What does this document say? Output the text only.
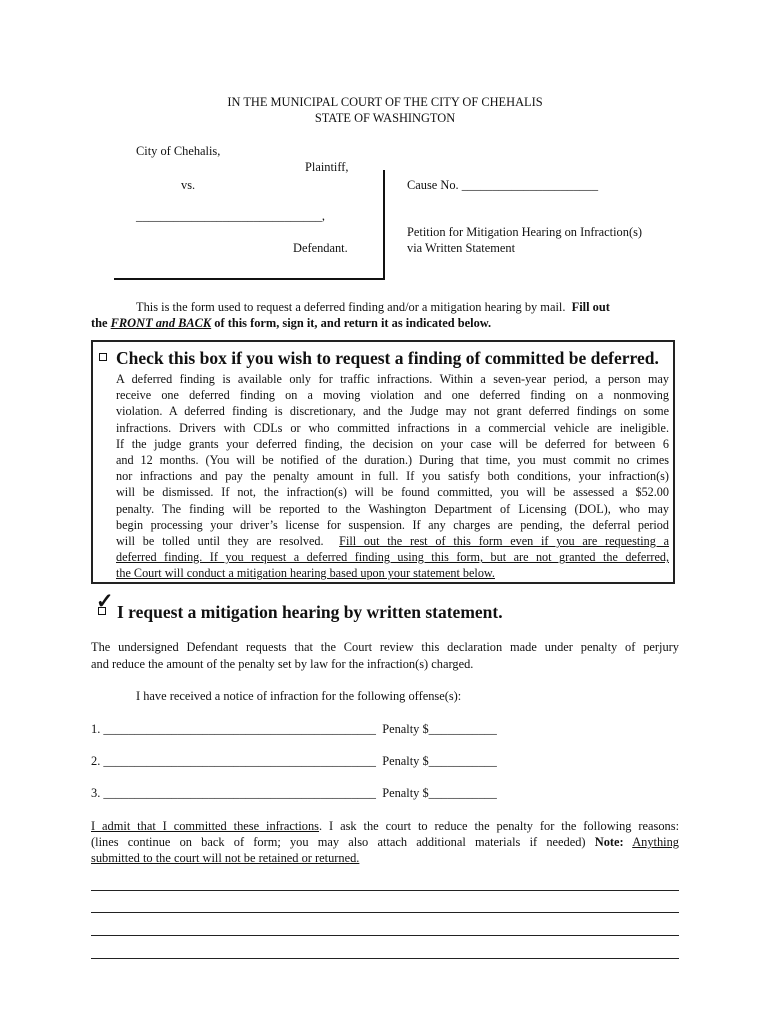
IN THE MUNICIPAL COURT OF THE CITY OF CHEHALIS
STATE OF WASHINGTON
City of Chehalis,
Plaintiff,
vs.
______________________________,
Defendant.
Cause No. ______________________
Petition for Mitigation Hearing on Infraction(s)
via Written Statement
This is the form used to request a deferred finding and/or a mitigation hearing by mail. Fill out
the FRONT and BACK of this form, sign it, and return it as indicated below.
Check this box if you wish to request a finding of committed be deferred.
A deferred finding is available only for traffic infractions. Within a seven-year period, a person may
receive one deferred finding on a moving violation and one deferred finding on a nonmoving
violation. A deferred finding is discretionary, and the Judge may not grant deferred findings on some
infractions. Drivers with CDLs or who committed infractions in a commercial vehicle are ineligible.
If the judge grants your deferred finding, the decision on your case will be deferred for between 6
and 12 months. (You will be notified of the duration.) During that time, you must commit no crimes
nor infractions and pay the penalty amount in full. If you satisfy both conditions, your infraction(s)
will be dismissed. If not, the infraction(s) will be found committed, you will be assessed a $52.00
penalty. The finding will be reported to the Washington Department of Licensing (DOL), who may
begin processing your driver’s license for suspension. If any charges are pending, the deferral period
will be tolled until they are resolved. Fill out the rest of this form even if you are requesting a
deferred finding. If you request a deferred finding using this form, but are not granted the deferred,
the Court will conduct a mitigation hearing based upon your statement below.
✓ I request a mitigation hearing by written statement.
The undersigned Defendant requests that the Court review this declaration made under penalty of perjury
and reduce the amount of the penalty set by law for the infraction(s) charged.
I have received a notice of infraction for the following offense(s):
1. ____________________________________________ Penalty $___________
2. ____________________________________________ Penalty $___________
3. ____________________________________________ Penalty $___________
I admit that I committed these infractions. I ask the court to reduce the penalty for the following reasons:
(lines continue on back of form; you may also attach additional materials if needed) Note: Anything
submitted to the court will not be retained or returned.
